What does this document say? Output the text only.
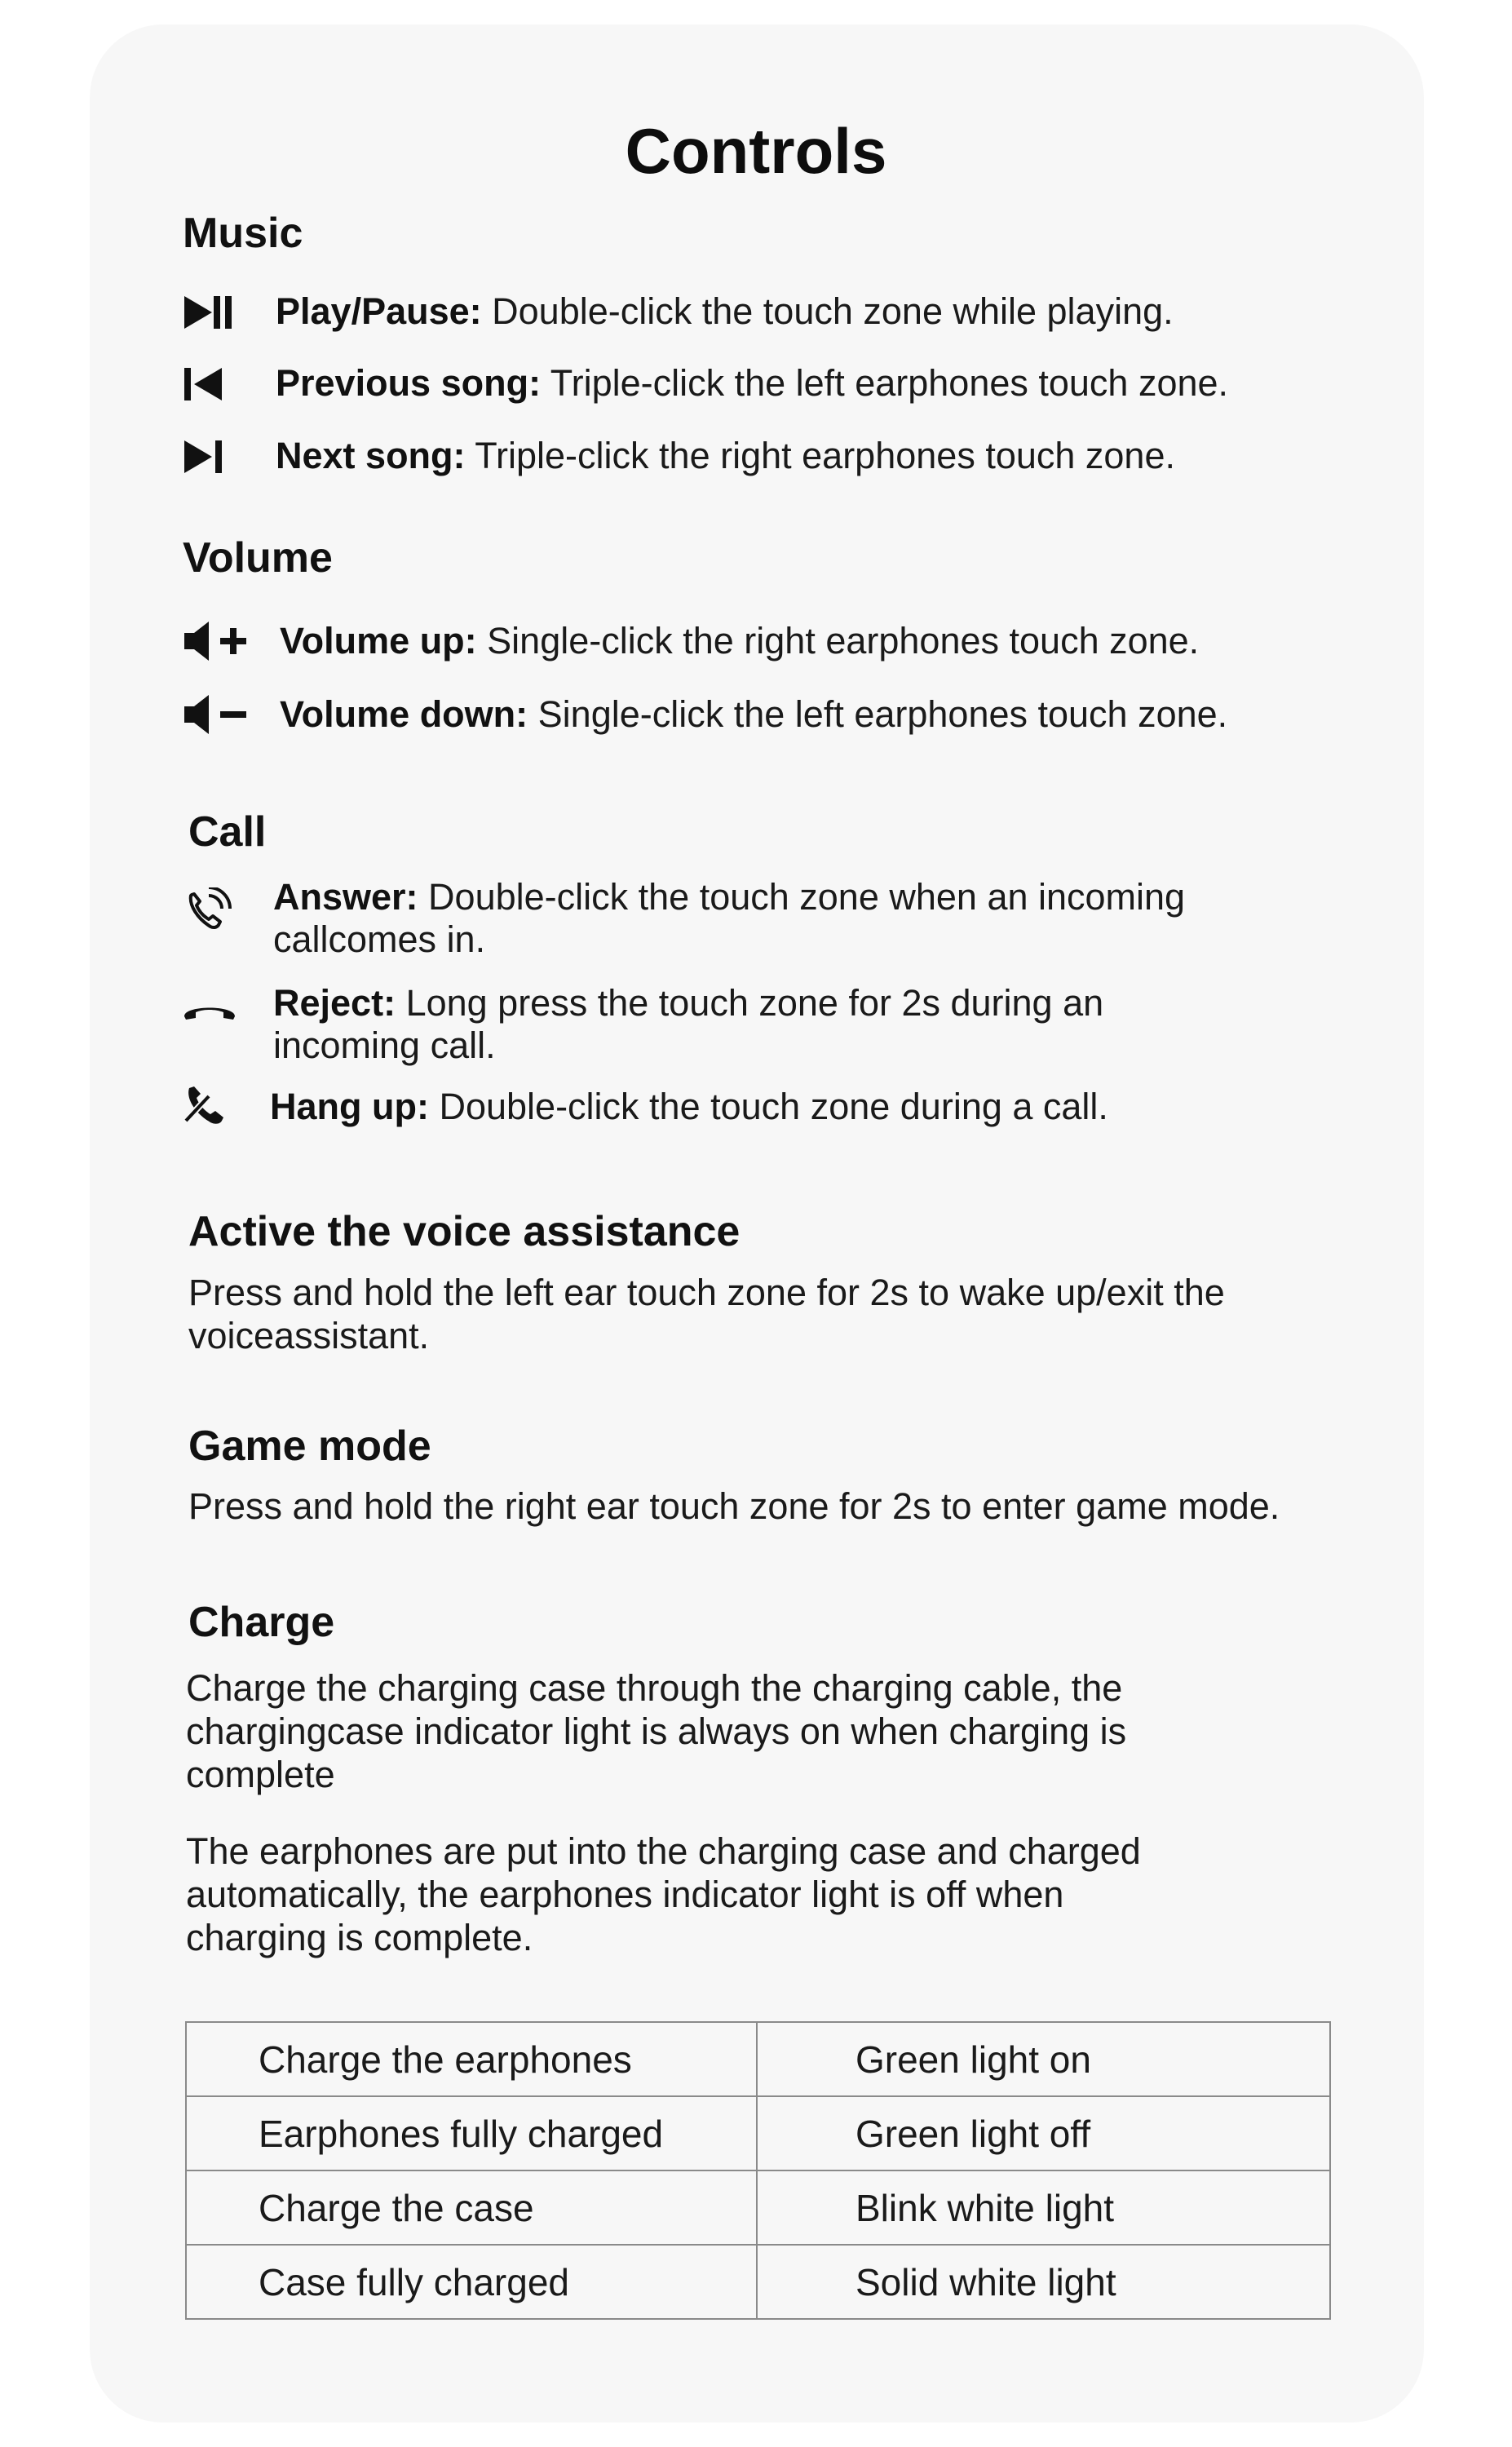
Controls
Music
Play/Pause: Double-click the touch zone while playing.
Previous song: Triple-click the left earphones touch zone.
Next song: Triple-click the right earphones touch zone.
Volume
Volume up: Single-click the right earphones touch zone.
Volume down: Single-click the left earphones touch zone.
Call
Answer: Double-click the touch zone when an incoming
callcomes in.
Reject: Long press the touch zone for 2s during an
incoming call.
Hang up: Double-click the touch zone during a call.
Active the voice assistance
Press and hold the left ear touch zone for 2s to wake up/exit the
voiceassistant.
Game mode
Press and hold the right ear touch zone for 2s to enter game mode.
Charge
Charge the charging case through the charging cable, the
chargingcase indicator light is always on when charging is
complete
The earphones are put into the charging case and charged
automatically, the earphones indicator light is off when
charging is complete.
Charge the earphones	Green light on
Earphones fully charged	Green light off
Charge the case	Blink white light
Case fully charged	Solid white light
